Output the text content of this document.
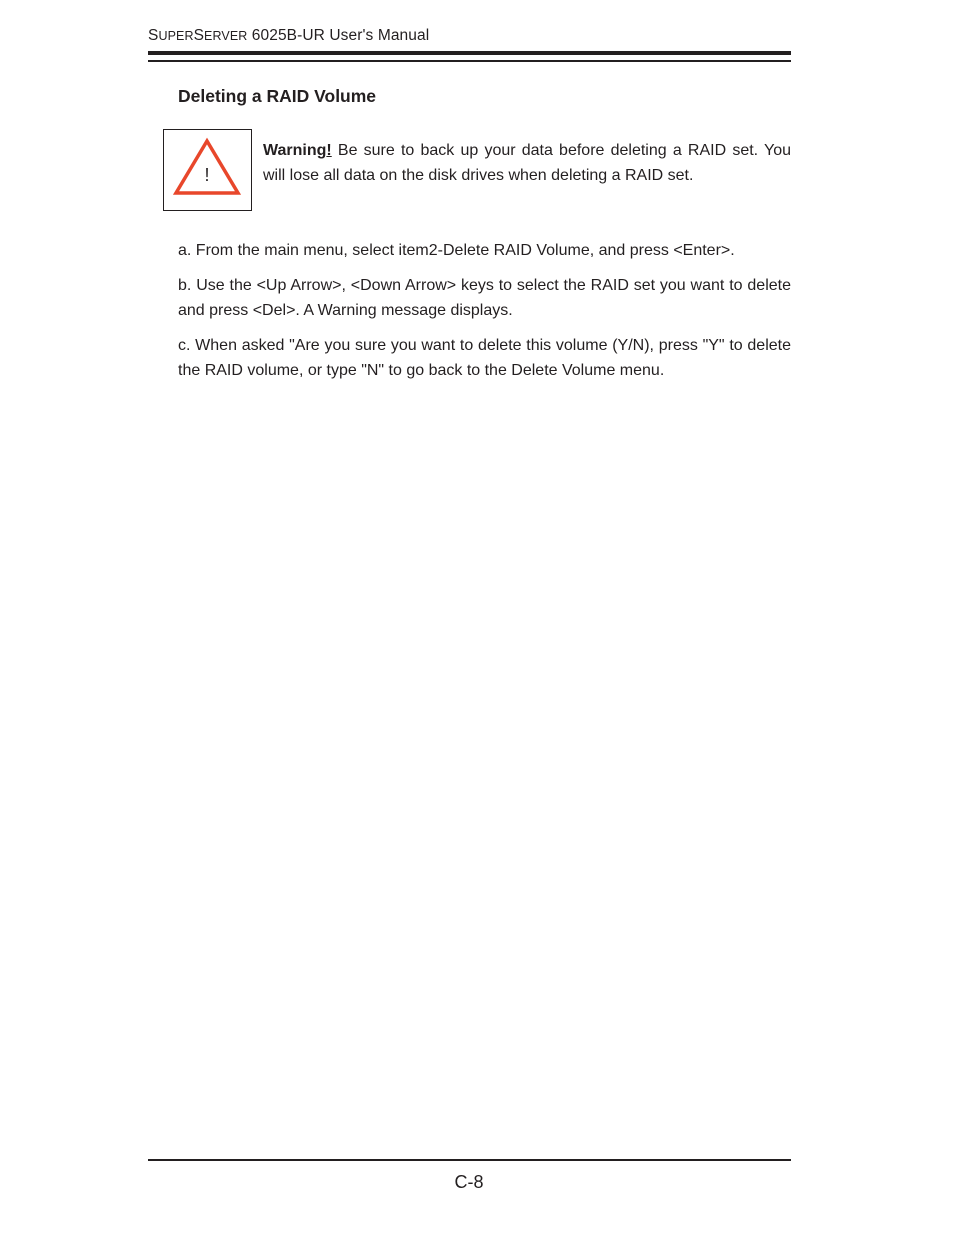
SUPERSERVER 6025B-UR User's Manual
Deleting a RAID Volume
!
Warning! Be sure to back up your data before deleting a RAID set. You will lose all data on the disk drives when deleting a RAID set.

a. From the main menu, select item2-Delete RAID Volume, and press <Enter>.

b. Use the <Up Arrow>, <Down Arrow> keys to select the RAID set you want to delete and press <Del>. A Warning message displays.

c. When asked "Are you sure you want to delete this volume (Y/N), press "Y" to delete the RAID volume, or type "N" to go back to the Delete Volume menu.

C-8
